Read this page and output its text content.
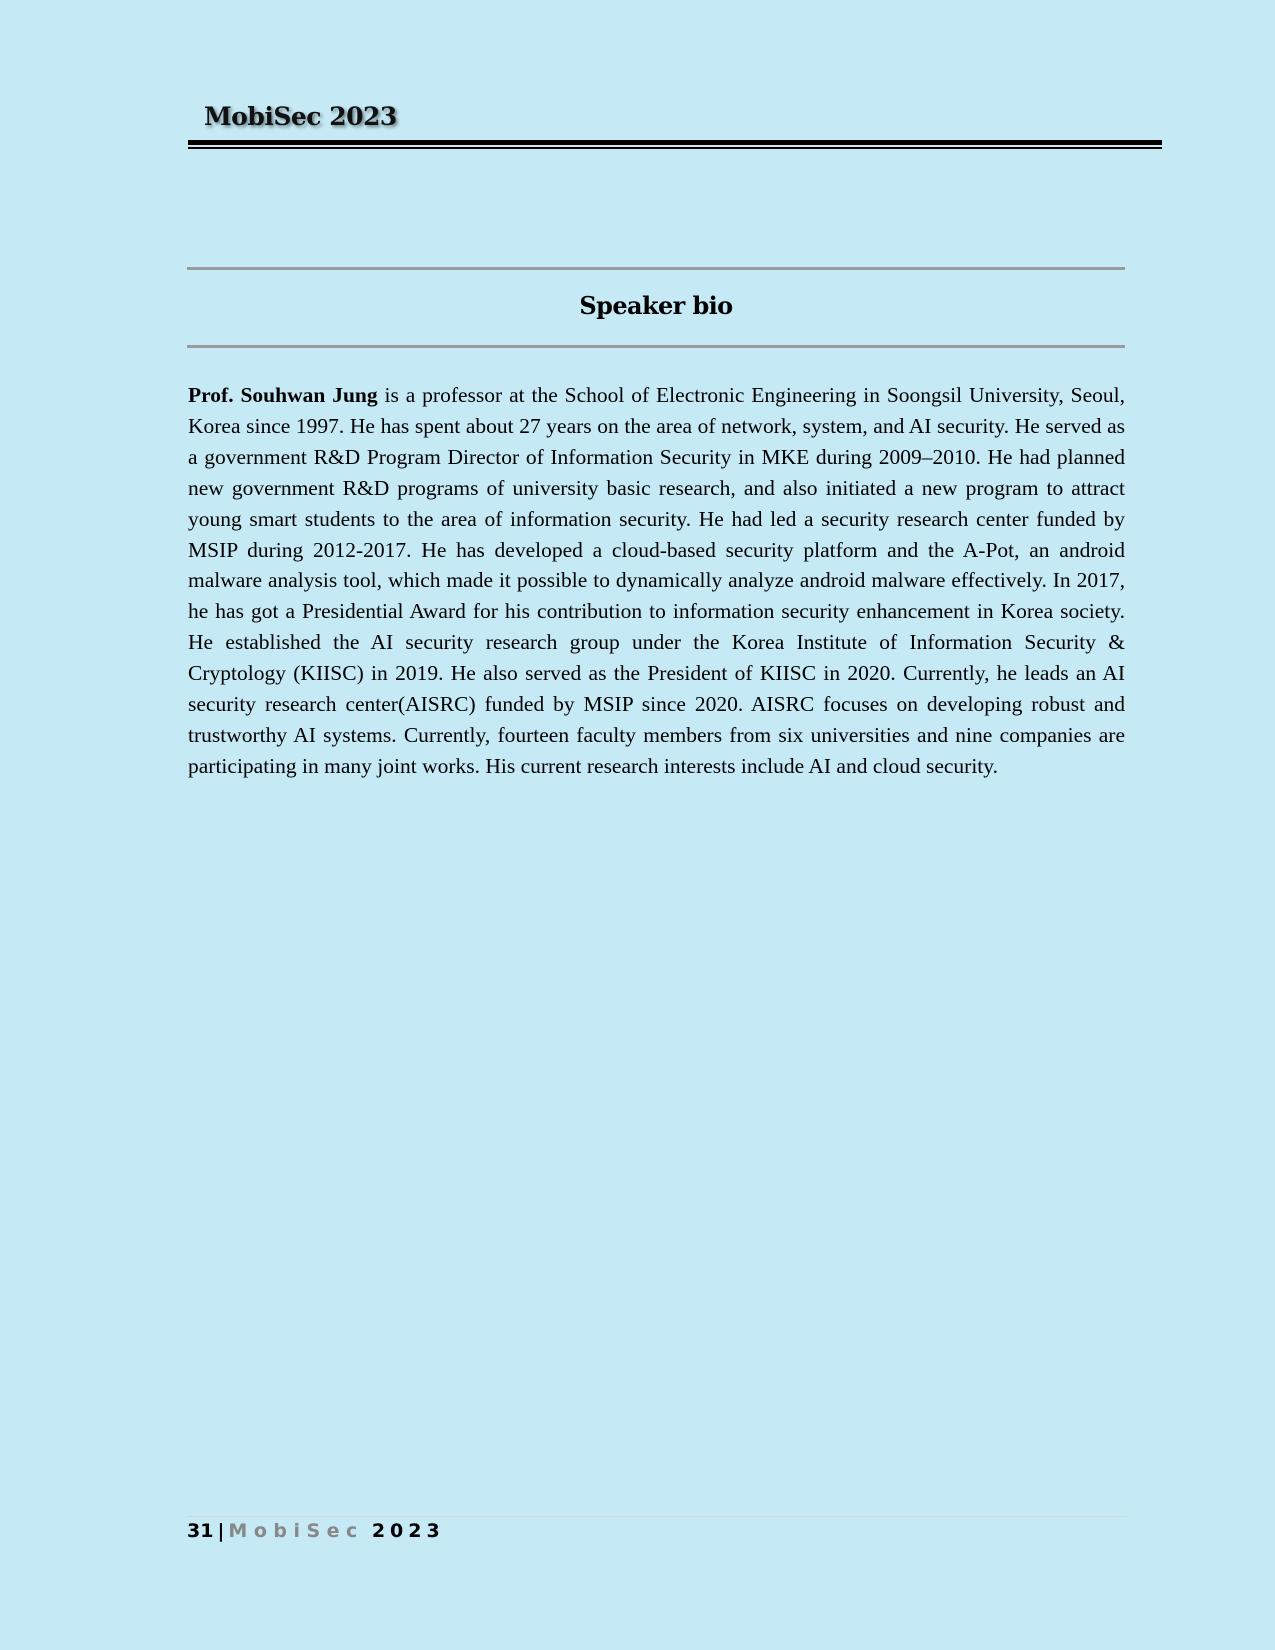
MobiSec 2023
Speaker bio

Prof. Souhwan Jung is a professor at the School of Electronic Engineering in Soongsil University, Seoul, Korea since 1997. He has spent about 27 years on the area of network, system, and AI security. He served as a government R&D Program Director of Information Security in MKE during 2009–2010. He had planned new government R&D programs of university basic research, and also initiated a new program to attract young smart students to the area of information security. He had led a security research center funded by MSIP during 2012-2017. He has developed a cloud-based security platform and the A-Pot, an android malware analysis tool, which made it possible to dynamically analyze android malware effectively. In 2017, he has got a Presidential Award for his contribution to information security enhancement in Korea society. He established the AI security research group under the Korea Institute of Information Security & Cryptology (KIISC) in 2019. He also served as the President of KIISC in 2020. Currently, he leads an AI security research center(AISRC) funded by MSIP since 2020. AISRC focuses on developing robust and trustworthy AI systems. Currently, fourteen faculty members from six universities and nine companies are participating in many joint works. His current research interests include AI and cloud security.

31 | MobiSec 2023
